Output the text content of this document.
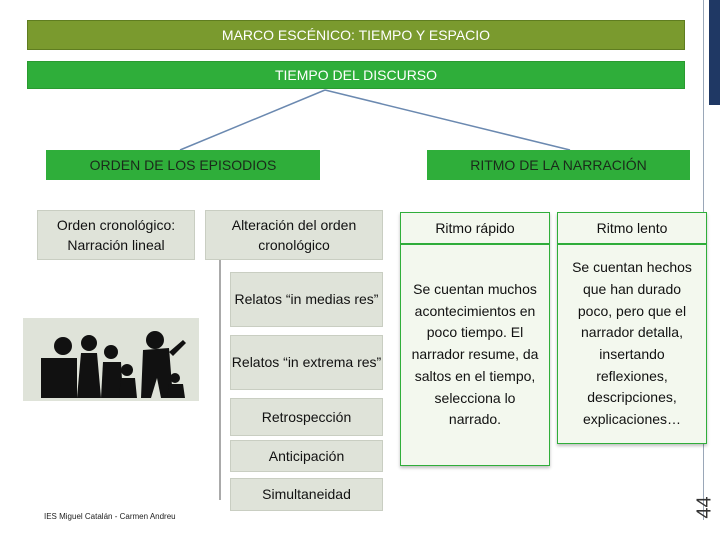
MARCO ESCÉNICO: TIEMPO Y ESPACIO
TIEMPO DEL DISCURSO
ORDEN DE LOS EPISODIOS	RITMO DE LA NARRACIÓN
Orden cronológico: Narración lineal
Alteración del orden cronológico
Relatos “in medias res”
Relatos “in extrema res”
Retrospección
Anticipación
Simultaneidad
Ritmo rápido	Ritmo lento
Se cuentan muchos acontecimientos en poco tiempo. El narrador resume, da saltos en el tiempo, selecciona lo narrado.
Se cuentan hechos que han durado poco, pero que el narrador detalla, insertando reflexiones, descripciones, explicaciones…
IES Miguel Catalán - Carmen Andreu	44
